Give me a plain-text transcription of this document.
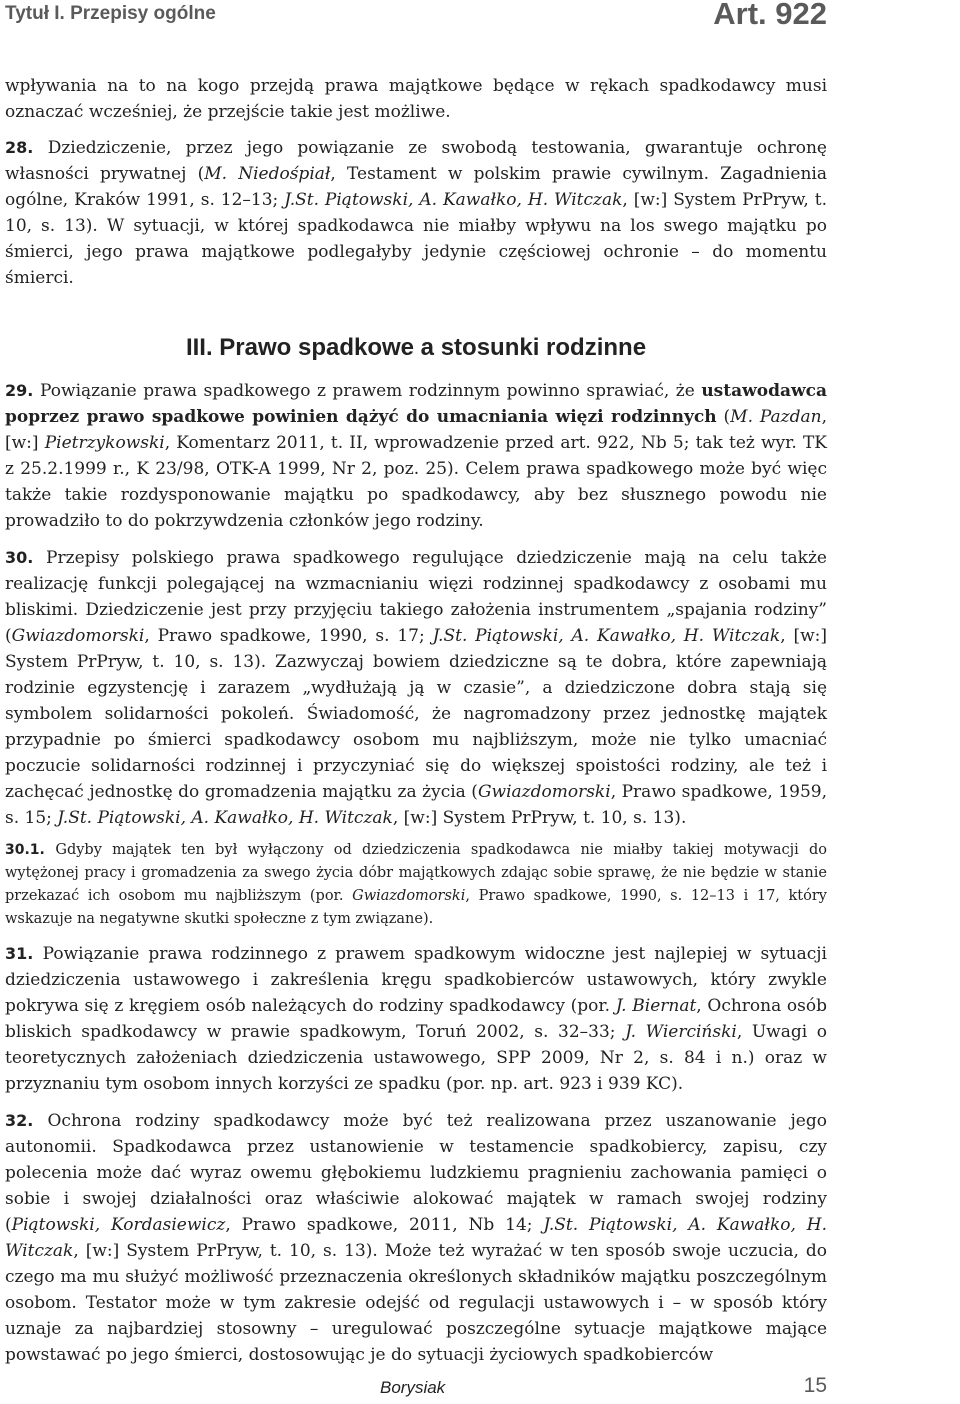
Tytuł I. Przepisy ogólne	Art. 922

wpływania na to na kogo przejdą prawa majątkowe będące w rękach spadkodawcy musi oznaczać wcześniej, że przejście takie jest możliwe.

28. Dziedziczenie, przez jego powiązanie ze swobodą testowania, gwarantuje ochronę własności prywatnej (M. Niedośpiał, Testament w polskim prawie cywilnym. Zagadnienia ogólne, Kraków 1991, s. 12–13; J.St. Piątowski, A. Kawałko, H. Witczak, [w:] System PrPryw, t. 10, s. 13). W sytuacji, w której spadkodawca nie miałby wpływu na los swego majątku po śmierci, jego prawa majątkowe podlegałyby jedynie częściowej ochronie – do momentu śmierci.

III. Prawo spadkowe a stosunki rodzinne

29. Powiązanie prawa spadkowego z prawem rodzinnym powinno sprawiać, że ustawodawca poprzez prawo spadkowe powinien dążyć do umacniania więzi rodzinnych (M. Pazdan, [w:] Pietrzykowski, Komentarz 2011, t. II, wprowadzenie przed art. 922, Nb 5; tak też wyr. TK z 25.2.1999 r., K 23/98, OTK-A 1999, Nr 2, poz. 25). Celem prawa spadkowego może być więc także takie rozdysponowanie majątku po spadkodawcy, aby bez słusznego powodu nie prowadziło to do pokrzywdzenia członków jego rodziny.

30. Przepisy polskiego prawa spadkowego regulujące dziedziczenie mają na celu także realizację funkcji polegającej na wzmacnianiu więzi rodzinnej spadkodawcy z osobami mu bliskimi. Dziedziczenie jest przy przyjęciu takiego założenia instrumentem „spajania rodziny” (Gwiazdomorski, Prawo spadkowe, 1990, s. 17; J.St. Piątowski, A. Kawałko, H. Witczak, [w:] System PrPryw, t. 10, s. 13). Zazwyczaj bowiem dziedziczne są te dobra, które zapewniają rodzinie egzystencję i zarazem „wydłużają ją w czasie”, a dziedziczone dobra stają się symbolem solidarności pokoleń. Świadomość, że nagromadzony przez jednostkę majątek przypadnie po śmierci spadkodawcy osobom mu najbliższym, może nie tylko umacniać poczucie solidarności rodzinnej i przyczyniać się do większej spoistości rodziny, ale też i zachęcać jednostkę do gromadzenia majątku za życia (Gwiazdomorski, Prawo spadkowe, 1959, s. 15; J.St. Piątowski, A. Kawałko, H. Witczak, [w:] System PrPryw, t. 10, s. 13).

30.1. Gdyby majątek ten był wyłączony od dziedziczenia spadkodawca nie miałby takiej motywacji do wytężonej pracy i gromadzenia za swego życia dóbr majątkowych zdając sobie sprawę, że nie będzie w stanie przekazać ich osobom mu najbliższym (por. Gwiazdomorski, Prawo spadkowe, 1990, s. 12–13 i 17, który wskazuje na negatywne skutki społeczne z tym związane).

31. Powiązanie prawa rodzinnego z prawem spadkowym widoczne jest najlepiej w sytuacji dziedziczenia ustawowego i zakreślenia kręgu spadkobierców ustawowych, który zwykle pokrywa się z kręgiem osób należących do rodziny spadkodawcy (por. J. Biernat, Ochrona osób bliskich spadkodawcy w prawie spadkowym, Toruń 2002, s. 32–33; J. Wierciński, Uwagi o teoretycznych założeniach dziedziczenia ustawowego, SPP 2009, Nr 2, s. 84 i n.) oraz w przyznaniu tym osobom innych korzyści ze spadku (por. np. art. 923 i 939 KC).

32. Ochrona rodziny spadkodawcy może być też realizowana przez uszanowanie jego autonomii. Spadkodawca przez ustanowienie w testamencie spadkobiercy, zapisu, czy polecenia może dać wyraz owemu głębokiemu ludzkiemu pragnieniu zachowania pamięci o sobie i swojej działalności oraz właściwie alokować majątek w ramach swojej rodziny (Piątowski, Kordasiewicz, Prawo spadkowe, 2011, Nb 14; J.St. Piątowski, A. Kawałko, H. Witczak, [w:] System PrPryw, t. 10, s. 13). Może też wyrażać w ten sposób swoje uczucia, do czego ma mu służyć możliwość przeznaczenia określonych składników majątku poszczególnym osobom. Testator może w tym zakresie odejść od regulacji ustawowych i – w sposób który uznaje za najbardziej stosowny – uregulować poszczególne sytuacje majątkowe mające powstawać po jego śmierci, dostosowując je do sytuacji życiowych spadkobierców

Borysiak	15
